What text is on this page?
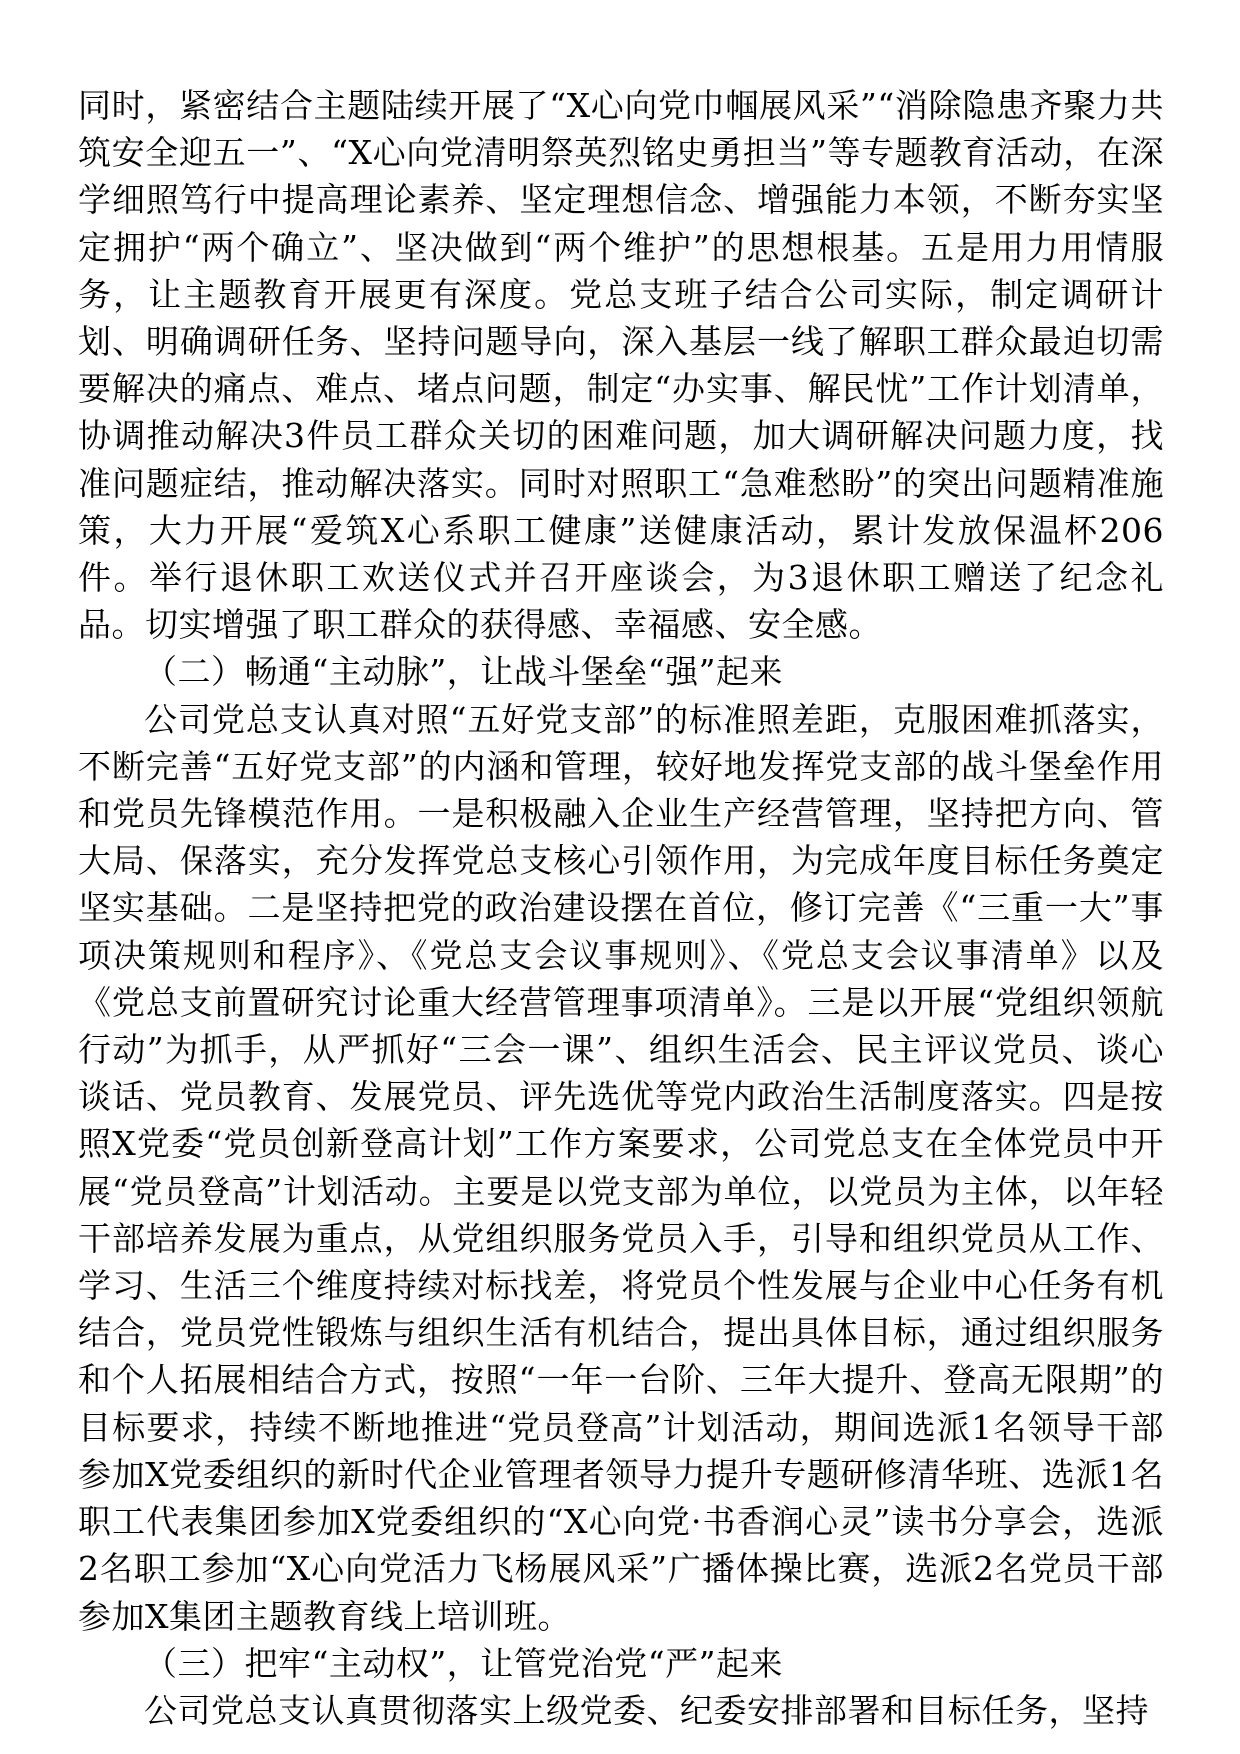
同时，紧密结合主题陆续开展了“X心向党巾帼展风采”“消除隐患齐聚力共筑安全迎五一”、“X心向党清明祭英烈铭史勇担当”等专题教育活动，在深学细照笃行中提高理论素养、坚定理想信念、增强能力本领，不断夯实坚定拥护“两个确立”、坚决做到“两个维护”的思想根基。五是用力用情服务，让主题教育开展更有深度。党总支班子结合公司实际，制定调研计划、明确调研任务、坚持问题导向，深入基层一线了解职工群众最迫切需要解决的痛点、难点、堵点问题，制定“办实事、解民忧”工作计划清单，协调推动解决3件员工群众关切的困难问题，加大调研解决问题力度，找准问题症结，推动解决落实。同时对照职工“急难愁盼”的突出问题精准施策，大力开展“爱筑X心系职工健康”送健康活动，累计发放保温杯206件。举行退休职工欢送仪式并召开座谈会，为3退休职工赠送了纪念礼品。切实增强了职工群众的获得感、幸福感、安全感。

（二）畅通“主动脉”，让战斗堡垒“强”起来

公司党总支认真对照“五好党支部”的标准照差距，克服困难抓落实，不断完善“五好党支部”的内涵和管理，较好地发挥党支部的战斗堡垒作用和党员先锋模范作用。一是积极融入企业生产经营管理，坚持把方向、管大局、保落实，充分发挥党总支核心引领作用，为完成年度目标任务奠定坚实基础。二是坚持把党的政治建设摆在首位，修订完善《“三重一大”事项决策规则和程序》、《党总支会议事规则》、《党总支会议事清单》以及《党总支前置研究讨论重大经营管理事项清单》。三是以开展“党组织领航行动”为抓手，从严抓好“三会一课”、组织生活会、民主评议党员、谈心谈话、党员教育、发展党员、评先选优等党内政治生活制度落实。四是按照X党委“党员创新登高计划”工作方案要求，公司党总支在全体党员中开展“党员登高”计划活动。主要是以党支部为单位，以党员为主体，以年轻干部培养发展为重点，从党组织服务党员入手，引导和组织党员从工作、学习、生活三个维度持续对标找差，将党员个性发展与企业中心任务有机结合，党员党性锻炼与组织生活有机结合，提出具体目标，通过组织服务和个人拓展相结合方式，按照“一年一台阶、三年大提升、登高无限期”的目标要求，持续不断地推进“党员登高”计划活动，期间选派1名领导干部参加X党委组织的新时代企业管理者领导力提升专题研修清华班、选派1名职工代表集团参加X党委组织的“X心向党·书香润心灵”读书分享会，选派2名职工参加“X心向党活力飞杨展风采”广播体操比赛，选派2名党员干部参加X集团主题教育线上培训班。

（三）把牢“主动权”，让管党治党“严”起来

公司党总支认真贯彻落实上级党委、纪委安排部署和目标任务，坚持
